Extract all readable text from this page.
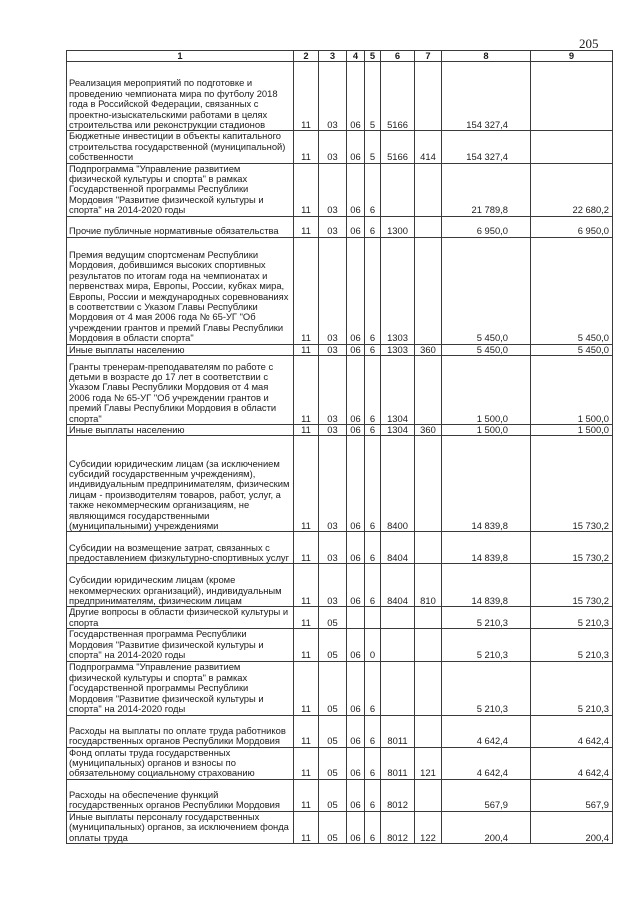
205
1	2	3	4	5	6	7	8	9
Реализация мероприятий по подготовке и проведению чемпионата мира по футболу 2018 года в Российской Федерации, связанных с проектно-изыскательскими работами в целях строительства или реконструкции стадионов	11	03	06	5	5166		154 327,4	
Бюджетные инвестиции в объекты капитального строительства государственной (муниципальной) собственности	11	03	06	5	5166	414	154 327,4	
Подпрограмма "Управление развитием физической культуры и спорта" в рамках Государственной программы Республики Мордовия "Развитие физической культуры и спорта" на 2014-2020 годы	11	03	06	6			21 789,8	22 680,2
Прочие публичные нормативные обязательства	11	03	06	6	1300		6 950,0	6 950,0
Премия ведущим спортсменам Республики Мордовия, добившимся высоких спортивных результатов по итогам года на чемпионатах и первенствах мира, Европы, России, кубках мира, Европы, России и международных соревнованиях в соответствии с Указом Главы Республики Мордовия от 4 мая 2006 года № 65-УГ "Об учреждении грантов и премий Главы Республики Мордовия в области спорта"	11	03	06	6	1303		5 450,0	5 450,0
Иные выплаты населению	11	03	06	6	1303	360	5 450,0	5 450,0
Гранты тренерам-преподавателям по работе с детьми в возрасте до 17 лет в соответствии с Указом Главы Республики Мордовия от 4 мая 2006 года № 65-УГ "Об учреждении грантов и премий Главы Республики Мордовия в области спорта"	11	03	06	6	1304		1 500,0	1 500,0
Иные выплаты населению	11	03	06	6	1304	360	1 500,0	1 500,0
Субсидии юридическим лицам (за исключением субсидий государственным учреждениям), индивидуальным предпринимателям, физическим лицам - производителям товаров, работ, услуг, а также некоммерческим организациям, не являющимся государственными (муниципальными) учреждениями	11	03	06	6	8400		14 839,8	15 730,2
Субсидии на возмещение затрат, связанных с предоставлением физкультурно-спортивных услуг	11	03	06	6	8404		14 839,8	15 730,2
Субсидии юридическим лицам (кроме некоммерческих организаций), индивидуальным предпринимателям, физическим лицам	11	03	06	6	8404	810	14 839,8	15 730,2
Другие вопросы в области физической культуры и спорта	11	05					5 210,3	5 210,3
Государственная программа Республики Мордовия "Развитие физической культуры и спорта" на 2014-2020 годы	11	05	06	0			5 210,3	5 210,3
Подпрограмма "Управление развитием физической культуры и спорта" в рамках Государственной программы Республики Мордовия "Развитие физической культуры и спорта" на 2014-2020 годы	11	05	06	6			5 210,3	5 210,3
Расходы на выплаты по оплате труда работников государственных органов Республики Мордовия	11	05	06	6	8011		4 642,4	4 642,4
Фонд оплаты труда государственных (муниципальных) органов и взносы по обязательному социальному страхованию	11	05	06	6	8011	121	4 642,4	4 642,4
Расходы на обеспечение функций государственных органов Республики Мордовия	11	05	06	6	8012		567,9	567,9
Иные выплаты персоналу государственных (муниципальных) органов, за исключением фонда оплаты труда	11	05	06	6	8012	122	200,4	200,4
